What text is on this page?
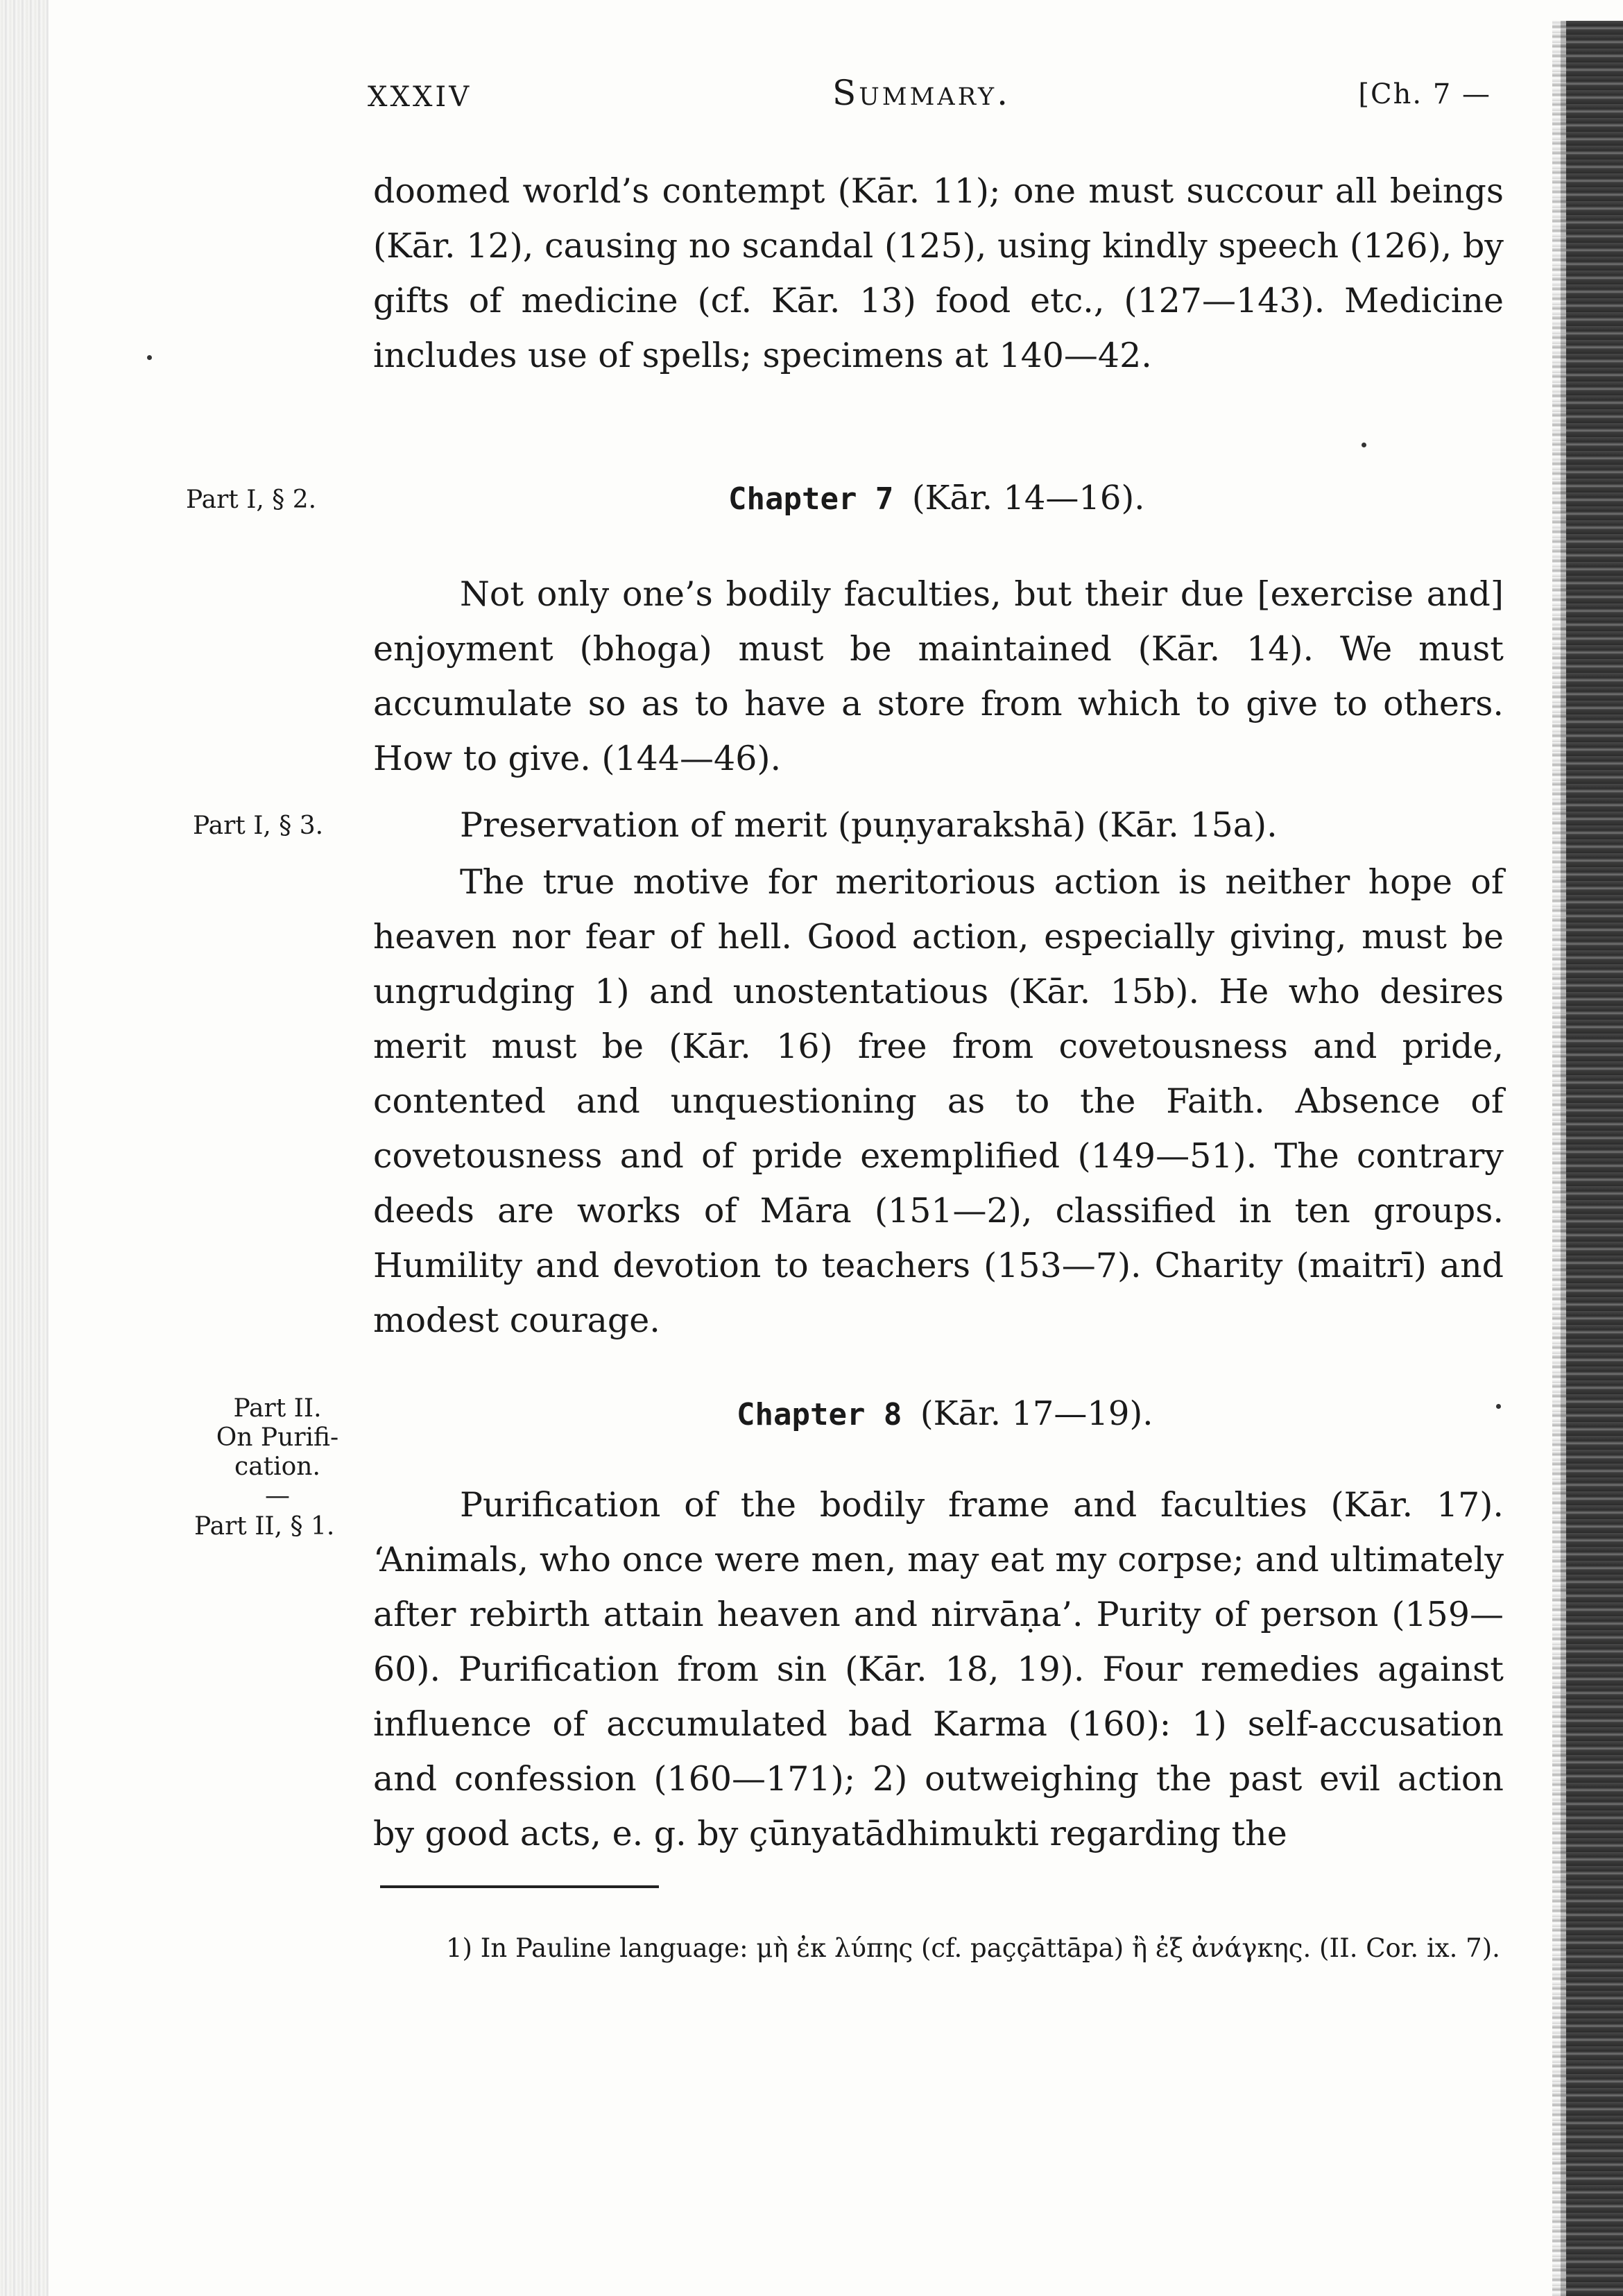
XXXIV	Summary.	[Ch. 7 —

doomed world’s contempt (Kār. 11); one must succour all beings (Kār. 12), causing no scandal (125), using kindly speech (126), by gifts of medicine (cf. Kār. 13) food etc., (127—143). Medicine includes use of spells; specimens at 140—42.

Part I, § 2.	Chapter 7 (Kār. 14—16).

Not only one’s bodily faculties, but their due [exercise and] enjoyment (bhoga) must be maintained (Kār. 14). We must accumulate so as to have a store from which to give to others. How to give. (144—46).

Part I, § 3.	Preservation of merit (puṇyarakshā) (Kār. 15a).

The true motive for meritorious action is neither hope of heaven nor fear of hell. Good action, especially giving, must be ungrudging 1) and unostentatious (Kār. 15b). He who desires merit must be (Kār. 16) free from covetousness and pride, contented and unquestioning as to the Faith. Absence of covetousness and of pride exemplified (149—51). The contrary deeds are works of Māra (151—2), classified in ten groups. Humility and devotion to teachers (153—7). Charity (maitrī) and modest courage.

Part II.
On Purifi-
cation.
—
Part II, § 1.
Chapter 8 (Kār. 17—19).

Purification of the bodily frame and faculties (Kār. 17). ‘Animals, who once were men, may eat my corpse; and ultimately after rebirth attain heaven and nirvāṇa’. Purity of person (159—60). Purification from sin (Kār. 18, 19). Four remedies against influence of accumulated bad Karma (160): 1) self-accusation and confession (160—171); 2) outweighing the past evil action by good acts, e. g. by çūnyatādhimukti regarding the

1) In Pauline language: μὴ ἐκ λύπης (cf. paççāttāpa) ἢ ἐξ ἀνάγκης. (II. Cor. ix. 7).
